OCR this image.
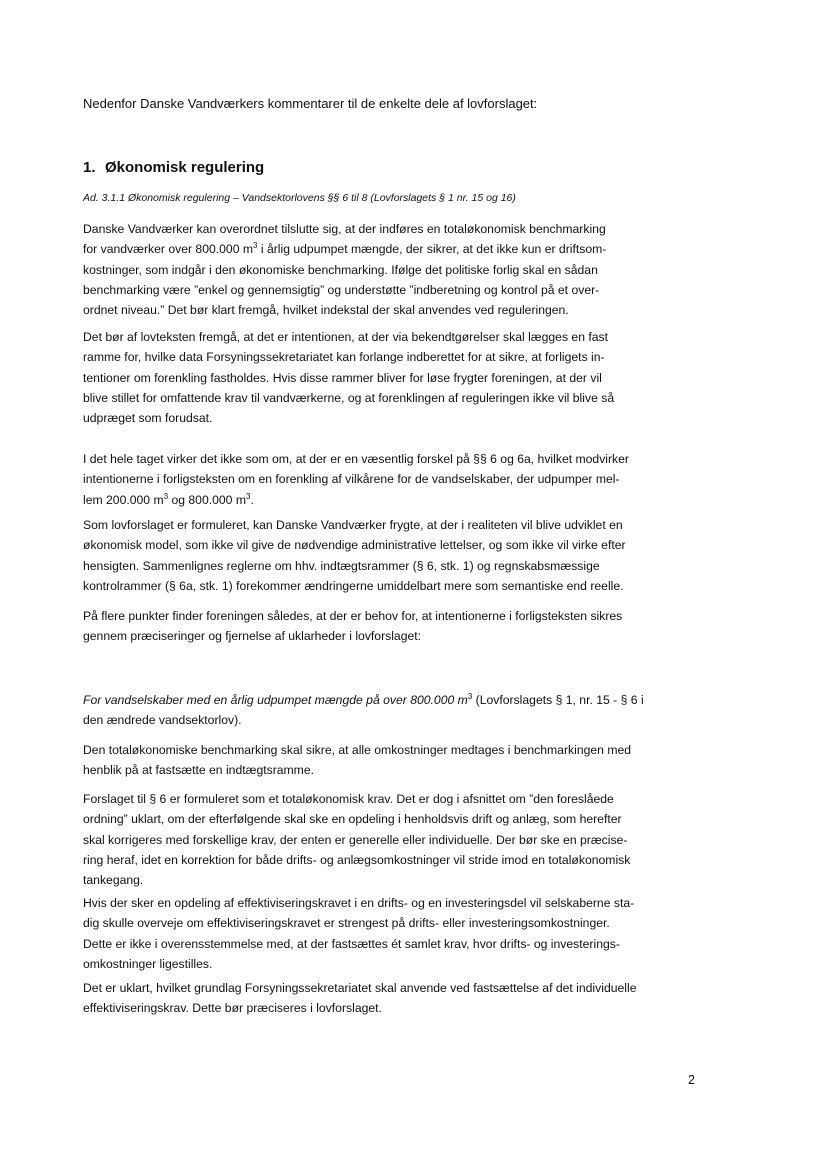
Nedenfor Danske Vandværkers kommentarer til de enkelte dele af lovforslaget:

1. Økonomisk regulering

Ad. 3.1.1 Økonomisk regulering – Vandsektorlovens §§ 6 til 8 (Lovforslagets § 1 nr. 15 og 16)

Danske Vandværker kan overordnet tilslutte sig, at der indføres en totaløkonomisk benchmarking
for vandværker over 800.000 $m^3$ i årlig udpumpet mængde, der sikrer, at det ikke kun er driftsom-
kostninger, som indgår i den økonomiske benchmarking. Ifølge det politiske forlig skal en sådan
benchmarking være ”enkel og gennemsigtig” og understøtte ”indberetning og kontrol på et over-
ordnet niveau.” Det bør klart fremgå, hvilket indekstal der skal anvendes ved reguleringen.

Det bør af lovteksten fremgå, at det er intentionen, at der via bekendtgørelser skal lægges en fast
ramme for, hvilke data Forsyningssekretariatet kan forlange indberettet for at sikre, at forligets in-
tentioner om forenkling fastholdes. Hvis disse rammer bliver for løse frygter foreningen, at der vil
blive stillet for omfattende krav til vandværkerne, og at forenklingen af reguleringen ikke vil blive så
udpræget som forudsat.

I det hele taget virker det ikke som om, at der er en væsentlig forskel på §§ 6 og 6a, hvilket modvirker
intentionerne i forligsteksten om en forenkling af vilkårene for de vandselskaber, der udpumper mel-
lem 200.000 $m^3$ og 800.000 $m^3$.

Som lovforslaget er formuleret, kan Danske Vandværker frygte, at der i realiteten vil blive udviklet en
økonomisk model, som ikke vil give de nødvendige administrative lettelser, og som ikke vil virke efter
hensigten. Sammenlignes reglerne om hhv. indtægtsrammer (§ 6, stk. 1) og regnskabsmæssige
kontrolrammer (§ 6a, stk. 1) forekommer ændringerne umiddelbart mere som semantiske end reelle.

På flere punkter finder foreningen således, at der er behov for, at intentionerne i forligsteksten sikres
gennem præciseringer og fjernelse af uklarheder i lovforslaget:

For vandselskaber med en årlig udpumpet mængde på over 800.000 $m^3$ (Lovforslagets § 1, nr. 15 - § 6 i
den ændrede vandsektorlov).

Den totaløkonomiske benchmarking skal sikre, at alle omkostninger medtages i benchmarkingen med
henblik på at fastsætte en indtægtsramme.

Forslaget til § 6 er formuleret som et totaløkonomisk krav. Det er dog i afsnittet om ”den foreslåede
ordning” uklart, om der efterfølgende skal ske en opdeling i henholdsvis drift og anlæg, som herefter
skal korrigeres med forskellige krav, der enten er generelle eller individuelle. Der bør ske en præcise-
ring heraf, idet en korrektion for både drifts- og anlægsomkostninger vil stride imod en totaløkonomisk
tankegang.

Hvis der sker en opdeling af effektiviseringskravet i en drifts- og en investeringsdel vil selskaberne sta-
dig skulle overveje om effektiviseringskravet er strengest på drifts- eller investeringsomkostninger.
Dette er ikke i overensstemmelse med, at der fastsættes ét samlet krav, hvor drifts- og investerings-
omkostninger ligestilles.

Det er uklart, hvilket grundlag Forsyningssekretariatet skal anvende ved fastsættelse af det individuelle
effektiviseringskrav. Dette bør præciseres i lovforslaget.

2
